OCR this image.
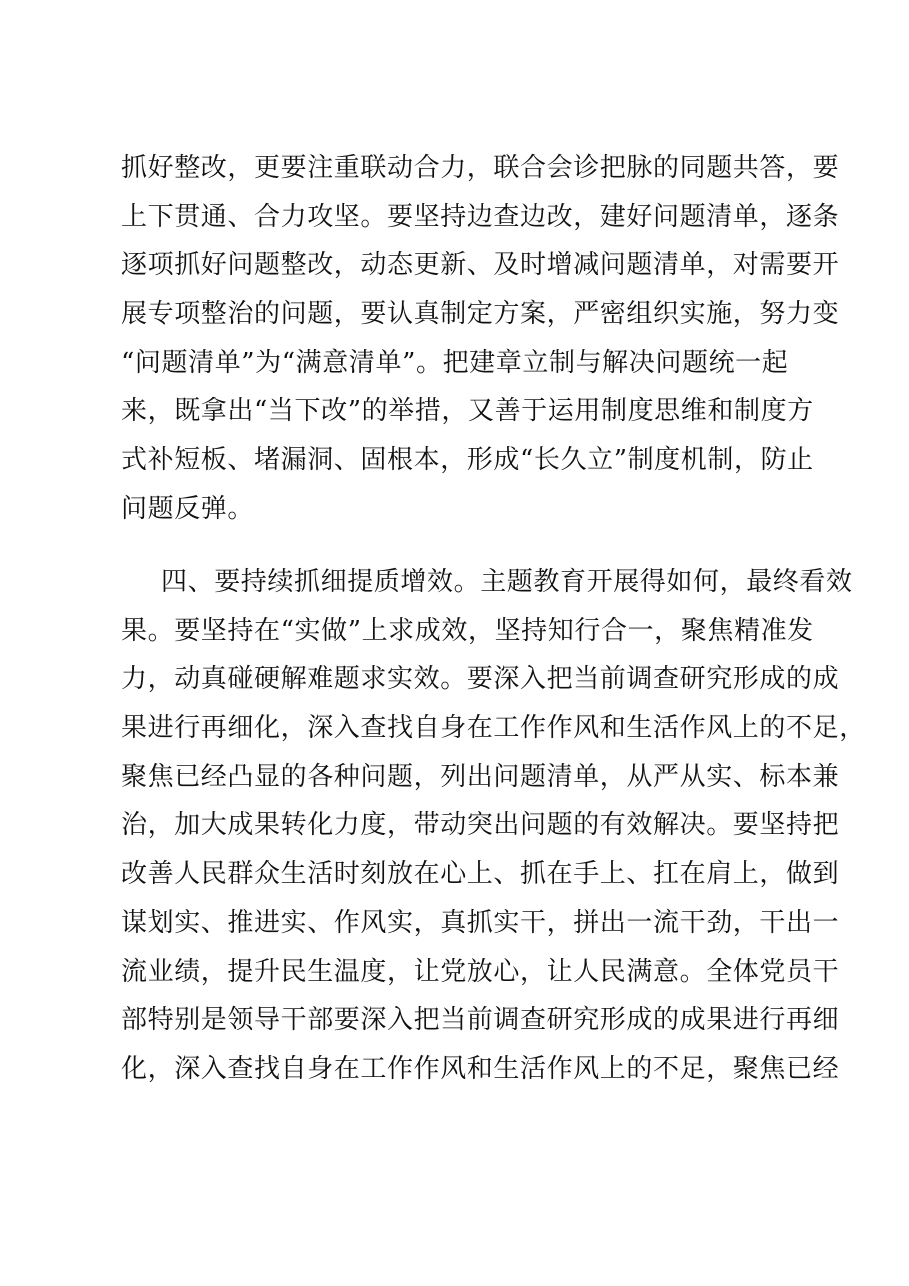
抓好整改，更要注重联动合力，联合会诊把脉的同题共答，要
上下贯通、合力攻坚。要坚持边查边改，建好问题清单，逐条
逐项抓好问题整改，动态更新、及时增减问题清单，对需要开
展专项整治的问题，要认真制定方案，严密组织实施，努力变
“问题清单”为“满意清单”。把建章立制与解决问题统一起
来，既拿出“当下改”的举措，又善于运用制度思维和制度方
式补短板、堵漏洞、固根本，形成“长久立”制度机制，防止
问题反弹。
四、要持续抓细提质增效。主题教育开展得如何，最终看效
果。要坚持在“实做”上求成效，坚持知行合一，聚焦精准发
力，动真碰硬解难题求实效。要深入把当前调查研究形成的成
果进行再细化，深入查找自身在工作作风和生活作风上的不足，
聚焦已经凸显的各种问题，列出问题清单，从严从实、标本兼
治，加大成果转化力度，带动突出问题的有效解决。要坚持把
改善人民群众生活时刻放在心上、抓在手上、扛在肩上，做到
谋划实、推进实、作风实，真抓实干，拼出一流干劲，干出一
流业绩，提升民生温度，让党放心，让人民满意。全体党员干
部特别是领导干部要深入把当前调查研究形成的成果进行再细
化，深入查找自身在工作作风和生活作风上的不足，聚焦已经
